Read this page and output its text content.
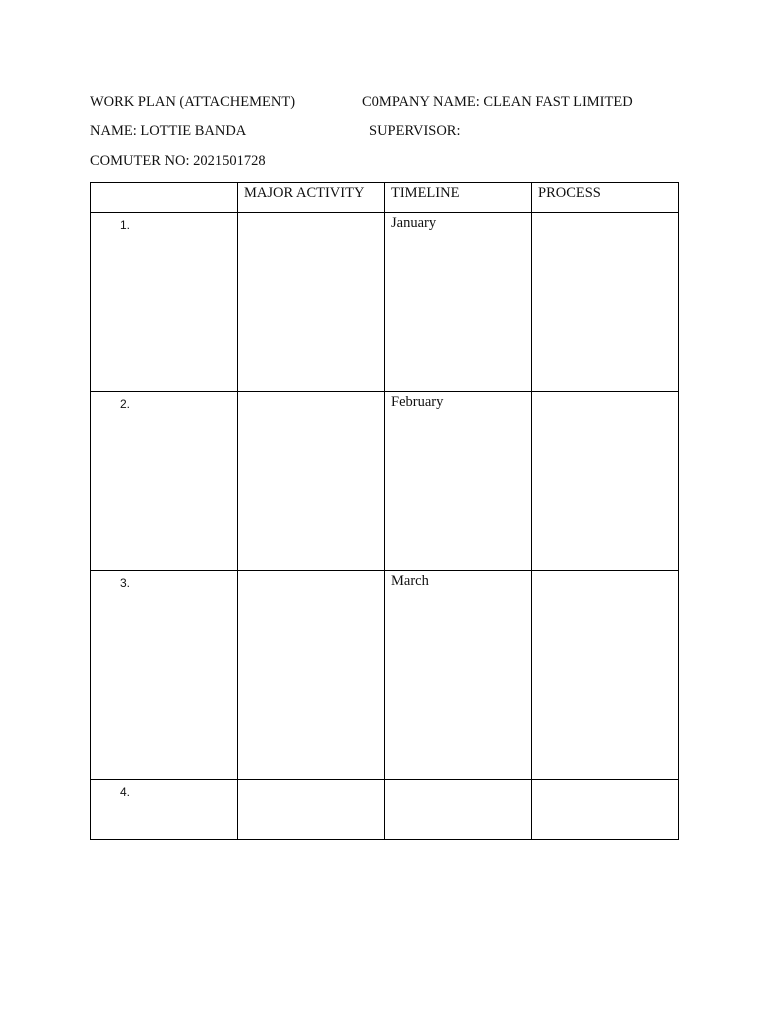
WORK PLAN (ATTACHEMENT)	C0MPANY NAME: CLEAN FAST LIMITED
NAME: LOTTIE BANDA	SUPERVISOR:
COMUTER NO: 2021501728
	MAJOR ACTIVITY	TIMELINE	PROCESS
1.		January	
2.		February	
3.		March	
4.			
